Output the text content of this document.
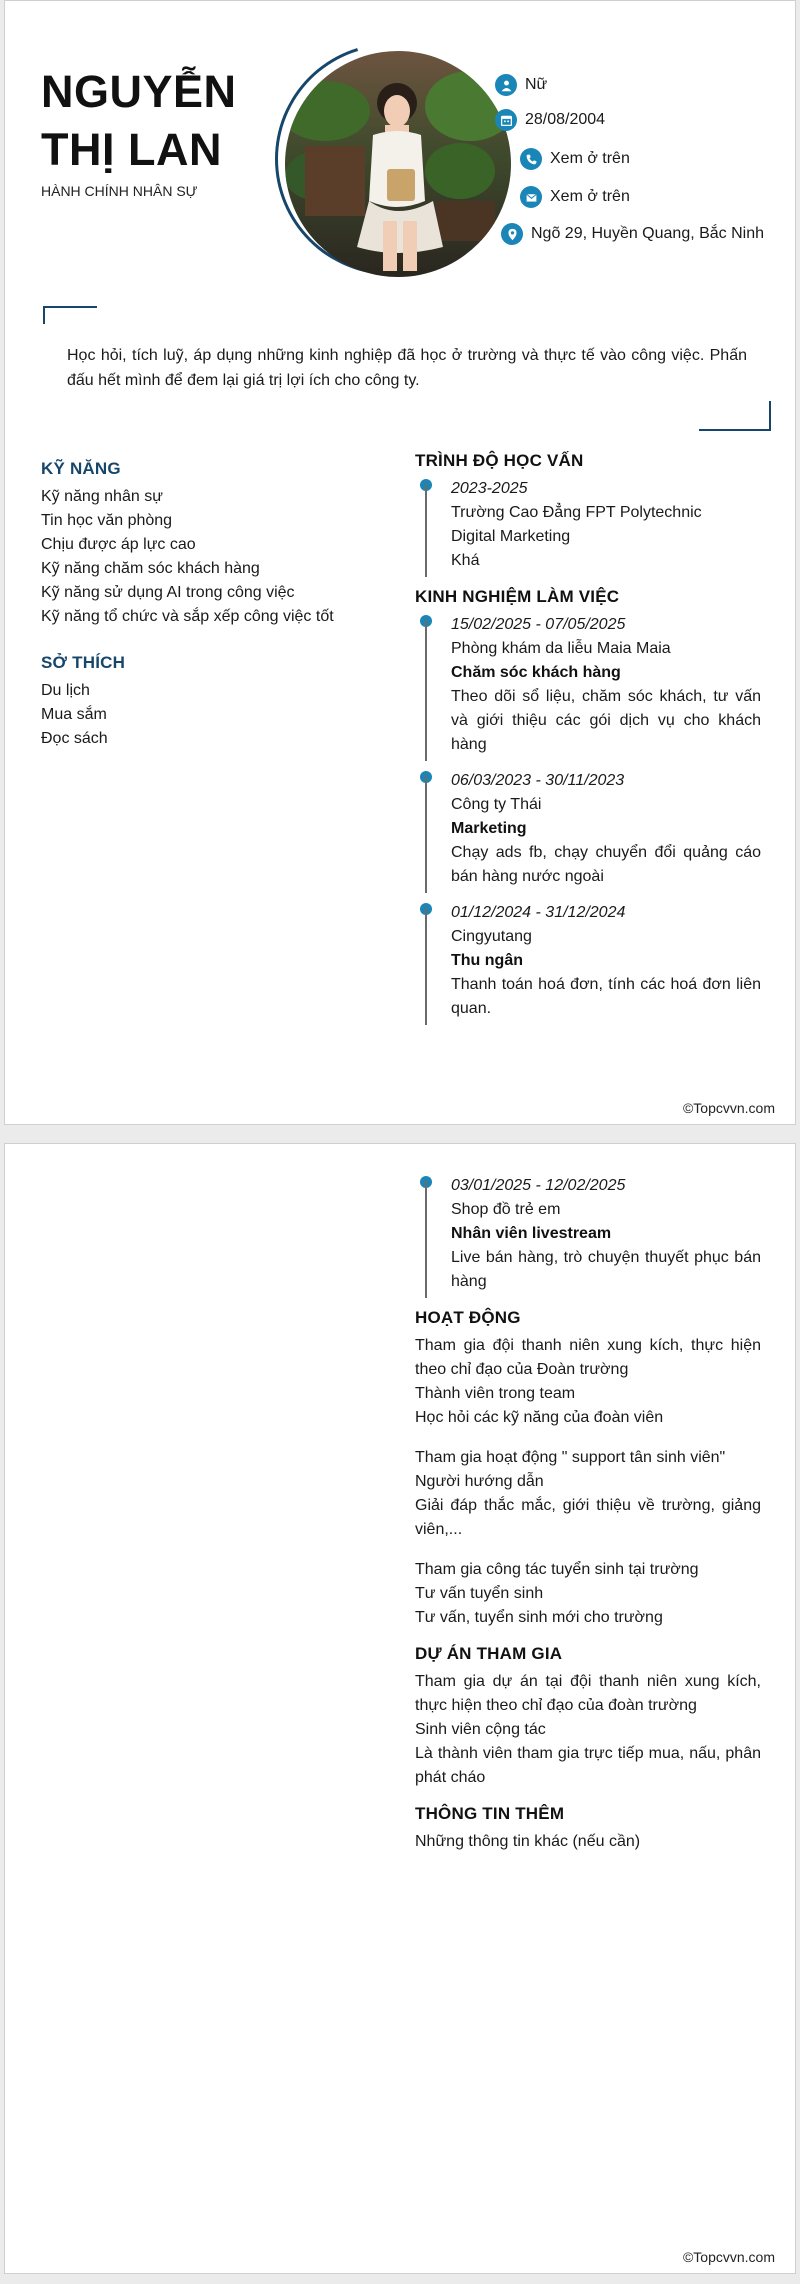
NGUYỄN
THỊ LAN
HÀNH CHÍNH NHÂN SỰ
Nữ
28/08/2004
Xem ở trên
Xem ở trên
Ngõ 29, Huyền Quang, Bắc Ninh
Học hỏi, tích luỹ, áp dụng những kinh nghiệp đã học ở trường và thực tế vào công việc. Phấn đấu hết mình để đem lại giá trị lợi ích cho công ty.
KỸ NĂNG
Kỹ năng nhân sự
Tin học văn phòng
Chịu được áp lực cao
Kỹ năng chăm sóc khách hàng
Kỹ năng sử dụng AI trong công việc
Kỹ năng tổ chức và sắp xếp công việc tốt
SỞ THÍCH
Du lịch
Mua sắm
Đọc sách
TRÌNH ĐỘ HỌC VẤN
2023-2025
Trường Cao Đẳng FPT Polytechnic
Digital Marketing
Khá
KINH NGHIỆM LÀM VIỆC
15/02/2025 - 07/05/2025
Phòng khám da liễu Maia Maia
Chăm sóc khách hàng
Theo dõi sổ liệu, chăm sóc khách, tư vấn và giới thiệu các gói dịch vụ cho khách hàng
06/03/2023 - 30/11/2023
Công ty Thái
Marketing
Chạy ads fb, chạy chuyển đổi quảng cáo bán hàng nước ngoài
01/12/2024 - 31/12/2024
Cingyutang
Thu ngân
Thanh toán hoá đơn, tính các hoá đơn liên quan.
©Topcvvn.com
03/01/2025 - 12/02/2025
Shop đồ trẻ em
Nhân viên livestream
Live bán hàng, trò chuyện thuyết phục bán hàng
HOẠT ĐỘNG
Tham gia đội thanh niên xung kích, thực hiện theo chỉ đạo của Đoàn trường
Thành viên trong team
Học hỏi các kỹ năng của đoàn viên
Tham gia hoạt động " support tân sinh viên"
Người hướng dẫn
Giải đáp thắc mắc, giới thiệu về trường, giảng viên,...
Tham gia công tác tuyển sinh tại trường
Tư vấn tuyển sinh
Tư vấn, tuyển sinh mới cho trường
DỰ ÁN THAM GIA
Tham gia dự án tại đội thanh niên xung kích, thực hiện theo chỉ đạo của đoàn trường
Sinh viên cộng tác
Là thành viên tham gia trực tiếp mua, nấu, phân phát cháo
THÔNG TIN THÊM
Những thông tin khác (nếu cần)
©Topcvvn.com
